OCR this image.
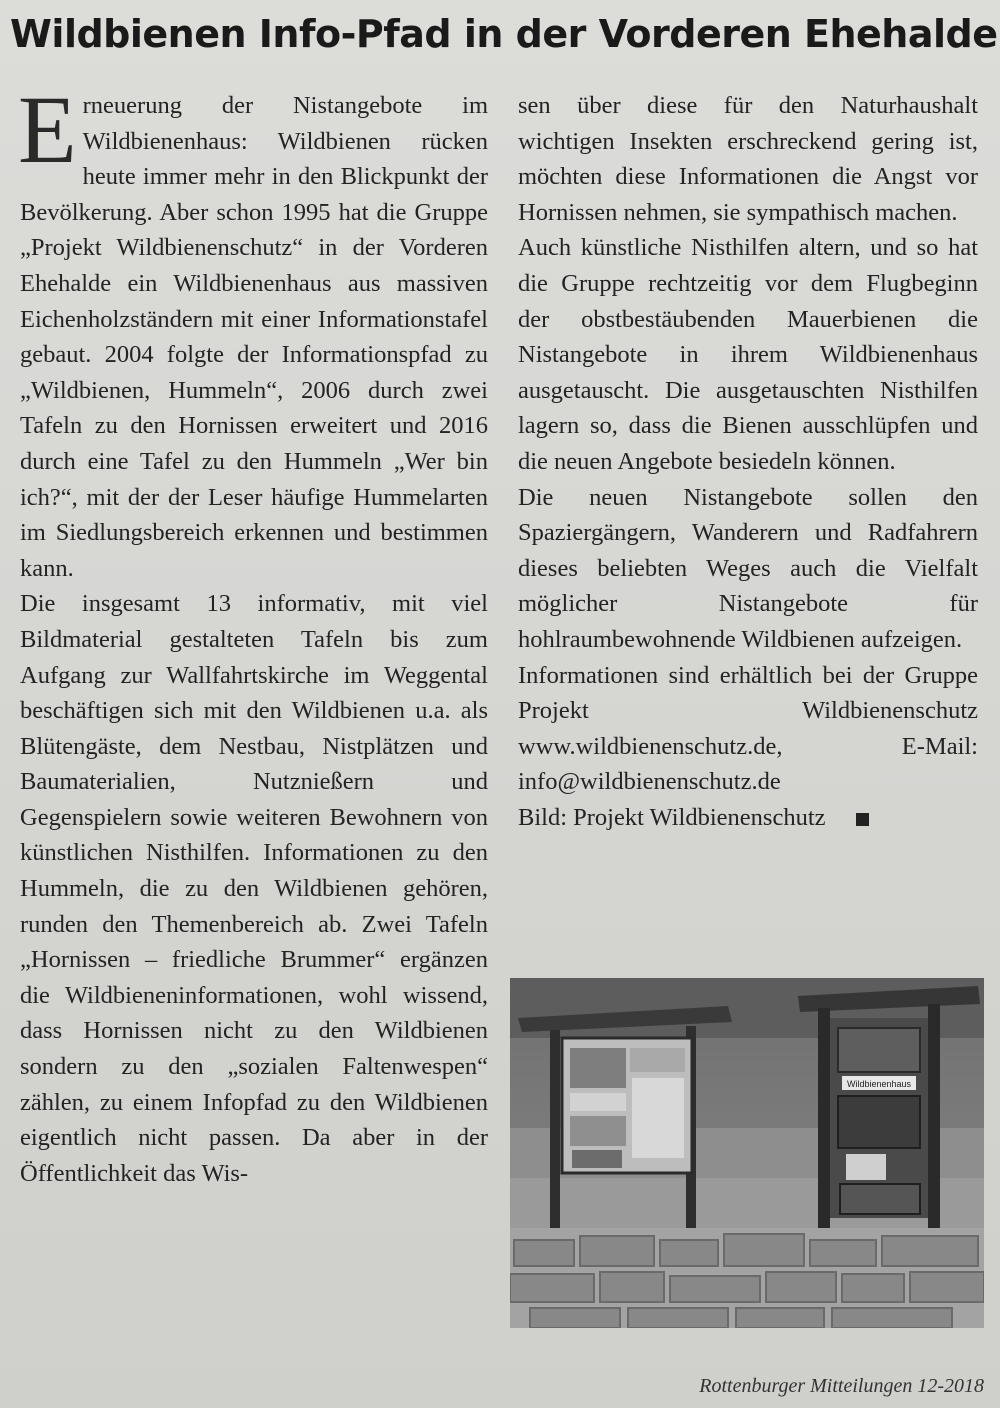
Wildbienen Info-Pfad in der Vorderen Ehehalde

Erneuerung der Nistangebote im Wildbienenhaus: Wildbienen rücken heute immer mehr in den Blickpunkt der Bevölkerung. Aber schon 1995 hat die Gruppe „Projekt Wildbienenschutz“ in der Vorderen Ehehalde ein Wildbienenhaus aus massiven Eichenholzständern mit einer Informationstafel gebaut. 2004 folgte der Informationspfad zu „Wildbienen, Hummeln“, 2006 durch zwei Tafeln zu den Hornissen erweitert und 2016 durch eine Tafel zu den Hummeln „Wer bin ich?“, mit der der Leser häufige Hummelarten im Siedlungsbereich erkennen und bestimmen kann.

Die insgesamt 13 informativ, mit viel Bildmaterial gestalteten Tafeln bis zum Aufgang zur Wallfahrtskirche im Weggental beschäftigen sich mit den Wildbienen u.a. als Blütengäste, dem Nestbau, Nistplätzen und Baumaterialien, Nutznießern und Gegenspielern sowie weiteren Bewohnern von künstlichen Nisthilfen. Informationen zu den Hummeln, die zu den Wildbienen gehören, runden den Themenbereich ab. Zwei Tafeln „Hornissen – friedliche Brummer“ ergänzen die Wildbieneninformationen, wohl wissend, dass Hornissen nicht zu den Wildbienen sondern zu den „sozialen Faltenwespen“ zählen, zu einem Infopfad zu den Wildbienen eigentlich nicht passen. Da aber in der Öffentlichkeit das Wis-

sen über diese für den Naturhaushalt wichtigen Insekten erschreckend gering ist, möchten diese Informationen die Angst vor Hornissen nehmen, sie sympathisch machen.

Auch künstliche Nisthilfen altern, und so hat die Gruppe rechtzeitig vor dem Flugbeginn der obstbestäubenden Mauerbienen die Nistangebote in ihrem Wildbienenhaus ausgetauscht. Die ausgetauschten Nisthilfen lagern so, dass die Bienen ausschlüpfen und die neuen Angebote besiedeln können.

Die neuen Nistangebote sollen den Spaziergängern, Wanderern und Radfahrern dieses beliebten Weges auch die Vielfalt möglicher Nistangebote für hohlraumbewohnende Wildbienen aufzeigen.

Informationen sind erhältlich bei der Gruppe Projekt Wildbienenschutz www.wildbienenschutz.de, E-Mail: info@wildbienenschutz.de

Bild: Projekt Wildbienenschutz

Wildbienenhaus
Rottenburger Mitteilungen 12-2018
